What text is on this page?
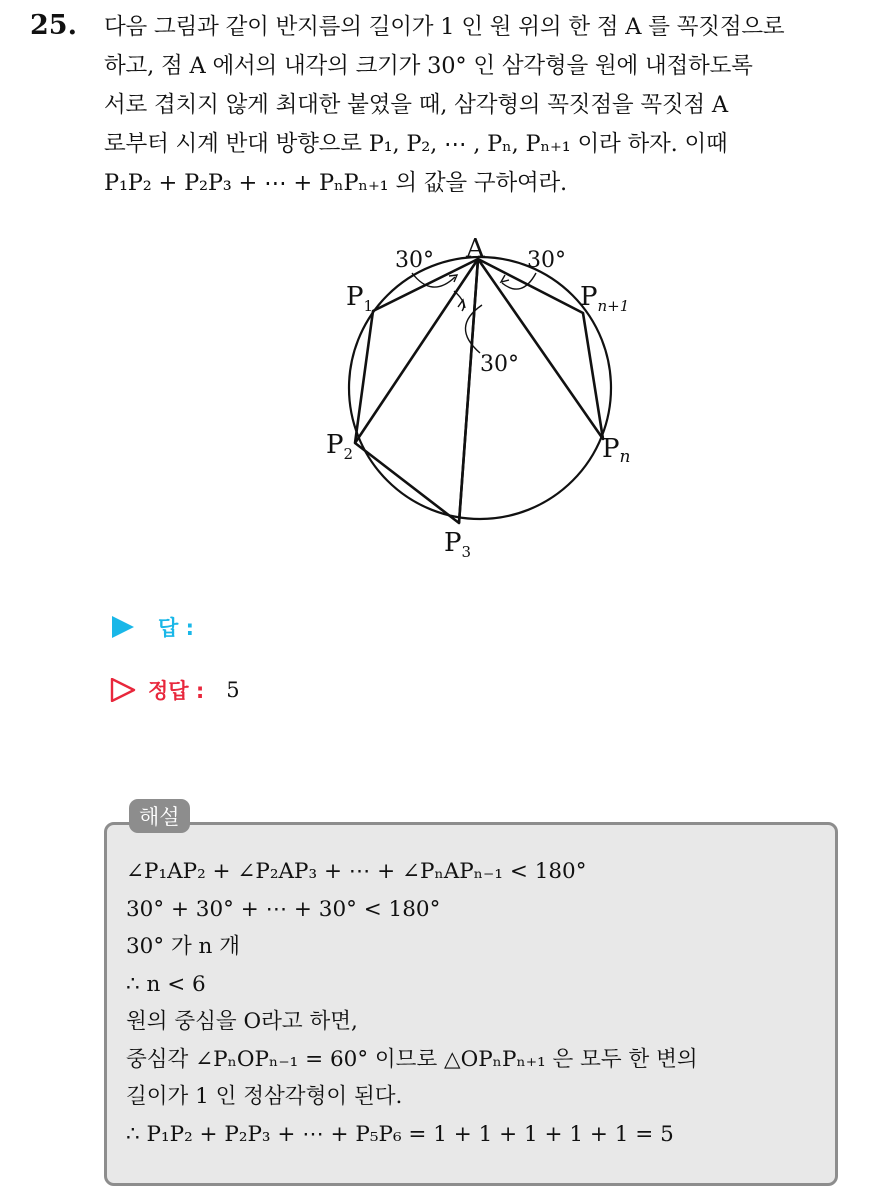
25. 다음 그림과 같이 반지름의 길이가 1 인 원 위의 한 점 A 를 꼭짓점으로
하고, 점 A 에서의 내각의 크기가 30° 인 삼각형을 원에 내접하도록
서로 겹치지 않게 최대한 붙였을 때, 삼각형의 꼭짓점을 꼭짓점 A
로부터 시계 반대 방향으로 P₁, P₂, ⋯ , Pₙ, Pₙ₊₁ 이라 하자. 이때
P₁P₂ + P₂P₃ + ⋯ + PₙPₙ₊₁ 의 값을 구하여라.
A
30°	30°
30°
$P_1$	$P_{n+1}$
$P_2$	Pn
$P_3$
답 :
정답 : 5
해설
∠P₁AP₂ + ∠P₂AP₃ + ⋯ + ∠PₙAPₙ₋₁ < 180°
30° + 30° + ⋯ + 30° < 180°
30° 가 n 개
∴ n < 6
원의 중심을 O라고 하면,
중심각 ∠PₙOPₙ₋₁ = 60° 이므로 △OPₙPₙ₊₁ 은 모두 한 변의
길이가 1 인 정삼각형이 된다.
∴ P₁P₂ + P₂P₃ + ⋯ + P₅P₆ = 1 + 1 + 1 + 1 + 1 = 5
